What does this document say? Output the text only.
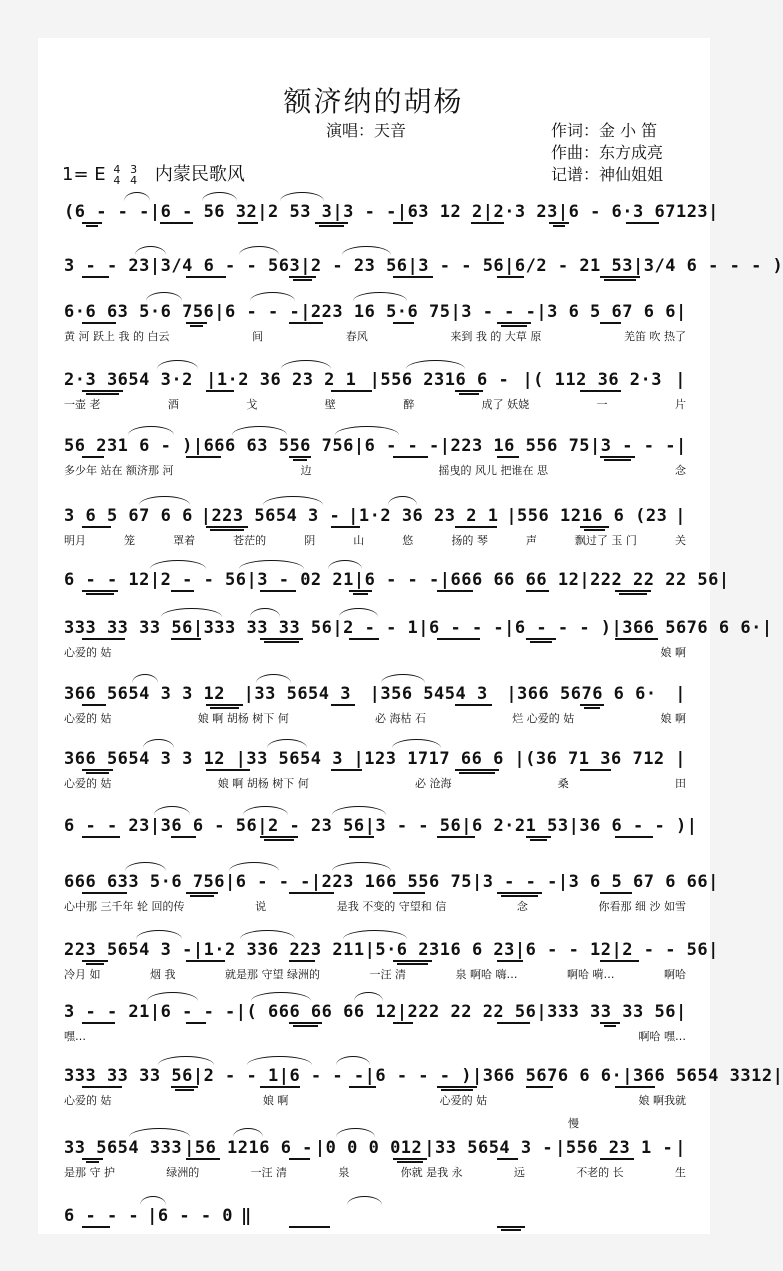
额济纳的胡杨
演唱：天音	作词：金 小 笛
作曲：东方成亮
记谱：神仙姐姐
1= E 4
4 3
4 内蒙民歌风
(6 - - - |6 - 56 32 |2 53 3 |3 - - |63 12 2 |2·3 23 |6 - 6·3 67123 |
3 - - 23 |3/4 6 - - 563 |2 - 23 56 |3 - - 56 |6/2 - 21 53 |3/4 6 - - - )
6·6 63 5·6 756 |6 - - - |223 16 5·6 75 |3 - - - |3 6 5 67 6 6 |
黄 河 跃上 我 的 白云	间	春风	来到 我 的 大草 原	羌笛 吹 热了
2·3 3654 3·2 |1·2 36 23 2 1 |556 2316 6 - |( 112 36 2·3 |
一壶 老	酒	戈	壁	醉	成了 妖娆	一	片
56 231 6 - ) |666 63 556 756 |6 - - - |223 16 556 75 |3 - - - |
多少年 站在 额济那 河	边	摇曳的 风儿 把谁在 思	念
3 6 5 67 6 6 |223 5654 3 - |1·2 36 23 2 1 |556 1216 6 (23 |
明月	笼	罩着	苍茫的	阴	山	悠	扬的 琴	声	飘过了 玉 门	关
6 - - 12 |2 - - 56 |3 - 02 21 |6 - - - |666 66 66 12 |222 22 22 56 |
333 33 33 56 |333 33 33 56 |2 - - 1 |6 - - - |6 - - - ) |366 5676 6 6· |
心爱的 姑	娘 啊
366 5654 3 3 12 |33 5654 3 |356 5454 3 |366 5676 6 6· |
心爱的 姑	娘 啊 胡杨 树下 何	必 海枯 石	烂 心爱的 姑	娘 啊
366 5654 3 3 12 |33 5654 3 |123 1717 66 6 |(36 71 36 712 |
心爱的 姑	娘 啊 胡杨 树下 何	必 沧海	桑	田
6 - - 23 |36 6 - 56 |2 - 23 56 |3 - - 56 |6 2·21 53 |36 6 - - ) |
666 633 5·6 756 |6 - - - |223 166 556 75 |3 - - - |3 6 5 67 6 66 |
心中那 三千年 轮 回的传	说	是我 不变的 守望和 信	念	你看那 细 沙 如雪
223 5654 3 - |1·2 336 223 211 |5·6 2316 6 23 |6 - - 12 |2 - - 56 |
冷月 如	烟 我	就是那 守望 绿洲的	一汪 清	泉 啊哈 嗨…	啊哈 嗬…	啊哈
3 - - 21 |6 - - - |( 666 66 66 12 |222 22 22 56 |333 33 33 56 |
嘿…	啊哈 嘿…
333 33 33 56 |2 - - 1 |6 - - - |6 - - - ) |366 5676 6 6· |366 5654 3312 |
心爱的 姑	娘 啊	心爱的 姑	娘 啊我就
33 5654 333 |56 1216 6 - |0 0 0 012 |33 5654 3 - |556 23 1 - |
是那 守 护	绿洲的	一汪 清	泉	你就 是我 永	远	不老的 长	生
6 - - - |6 - - 0 ‖
慢
